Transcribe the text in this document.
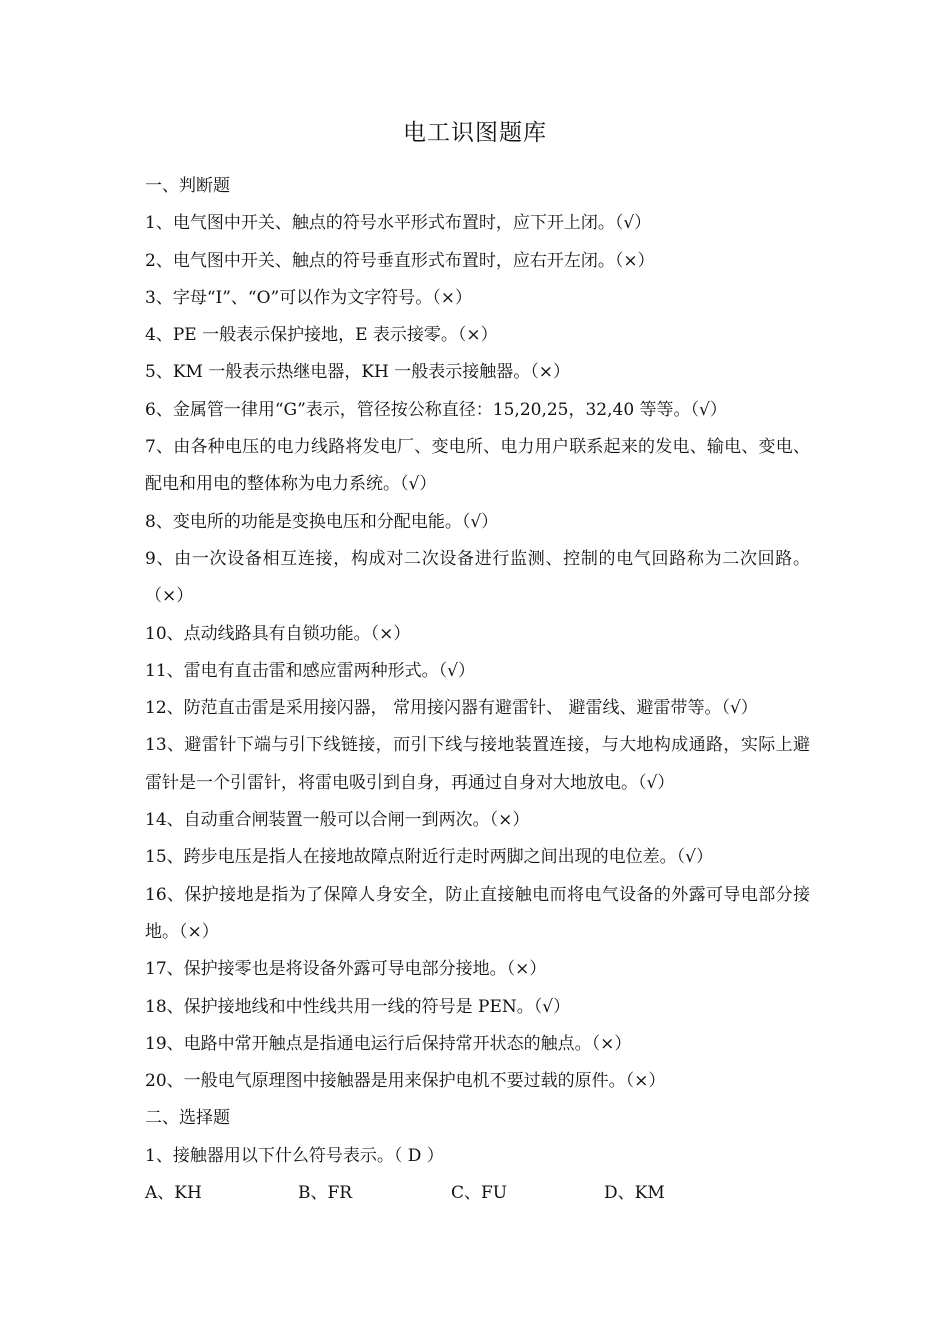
电工识图题库
一、判断题
1、电气图中开关、触点的符号水平形式布置时，应下开上闭。（√）
2、电气图中开关、触点的符号垂直形式布置时，应右开左闭。（×）
3、字母“I”、“O”可以作为文字符号。（×）
4、PE 一般表示保护接地，E 表示接零。（×）
5、KM 一般表示热继电器，KH 一般表示接触器。（×）
6、金属管一律用“G”表示，管径按公称直径：15,20,25，32,40 等等。（√）
7、由各种电压的电力线路将发电厂、变电所、电力用户联系起来的发电、输电、变电、配电和用电的整体称为电力系统。（√）
8、变电所的功能是变换电压和分配电能。（√）
9、由一次设备相互连接，构成对二次设备进行监测、控制的电气回路称为二次回路。（×）
10、点动线路具有自锁功能。（×）
11、雷电有直击雷和感应雷两种形式。（√）
12、防范直击雷是采用接闪器， 常用接闪器有避雷针、 避雷线、避雷带等。（√）
13、避雷针下端与引下线链接，而引下线与接地装置连接，与大地构成通路，实际上避雷针是一个引雷针，将雷电吸引到自身，再通过自身对大地放电。（√）
14、自动重合闸装置一般可以合闸一到两次。（×）
15、跨步电压是指人在接地故障点附近行走时两脚之间出现的电位差。（√）
16、保护接地是指为了保障人身安全，防止直接触电而将电气设备的外露可导电部分接地。（×）
17、保护接零也是将设备外露可导电部分接地。（×）
18、保护接地线和中性线共用一线的符号是 PEN。（√）
19、电路中常开触点是指通电运行后保持常开状态的触点。（×）
20、一般电气原理图中接触器是用来保护电机不要过载的原件。（×）
二、选择题
1、接触器用以下什么符号表示。（ D ）
A、KH	B、FR	C、FU	D、KM
